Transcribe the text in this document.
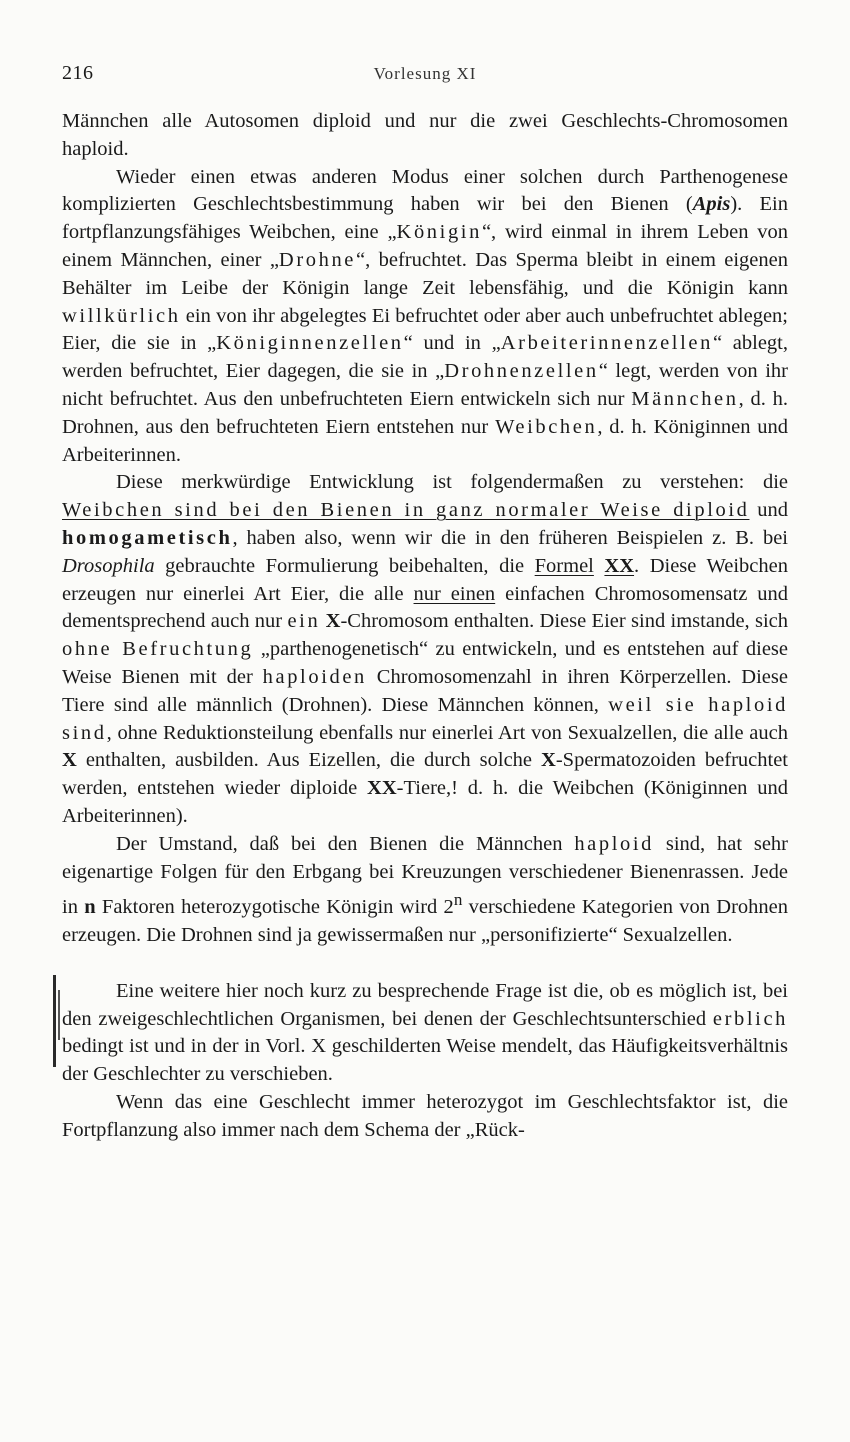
216	Vorlesung XI

Männchen alle Autosomen diploid und nur die zwei Geschlechts-Chromosomen haploid.

Wieder einen etwas anderen Modus einer solchen durch Parthenogenese komplizierten Geschlechtsbestimmung haben wir bei den Bienen (Apis). Ein fortpflanzungsfähiges Weibchen, eine „Königin“, wird einmal in ihrem Leben von einem Männchen, einer „Drohne“, befruchtet. Das Sperma bleibt in einem eigenen Behälter im Leibe der Königin lange Zeit lebensfähig, und die Königin kann willkürlich ein von ihr abgelegtes Ei befruchtet oder aber auch unbefruchtet ablegen; Eier, die sie in „Königinnenzellen“ und in „Arbeiterinnenzellen“ ablegt, werden befruchtet, Eier dagegen, die sie in „Drohnenzellen“ legt, werden von ihr nicht befruchtet. Aus den unbefruchteten Eiern entwickeln sich nur Männchen, d. h. Drohnen, aus den befruchteten Eiern entstehen nur Weibchen, d. h. Königinnen und Arbeiterinnen.

Diese merkwürdige Entwicklung ist folgendermaßen zu verstehen: die Weibchen sind bei den Bienen in ganz normaler Weise diploid und homogametisch, haben also, wenn wir die in den früheren Beispielen z. B. bei Drosophila gebrauchte Formulierung beibehalten, die Formel XX. Diese Weibchen erzeugen nur einerlei Art Eier, die alle nur einen einfachen Chromosomensatz und dementsprechend auch nur ein X-Chromosom enthalten. Diese Eier sind imstande, sich ohne Befruchtung „parthenogenetisch“ zu entwickeln, und es entstehen auf diese Weise Bienen mit der haploiden Chromosomenzahl in ihren Körperzellen. Diese Tiere sind alle männlich (Drohnen). Diese Männchen können, weil sie haploid sind, ohne Reduktionsteilung ebenfalls nur einerlei Art von Sexualzellen, die alle auch X enthalten, ausbilden. Aus Eizellen, die durch solche X-Spermatozoiden befruchtet werden, entstehen wieder diploide XX-Tiere,! d. h. die Weibchen (Königinnen und Arbeiterinnen).

Der Umstand, daß bei den Bienen die Männchen haploid sind, hat sehr eigenartige Folgen für den Erbgang bei Kreuzungen verschiedener Bienenrassen. Jede in n Faktoren heterozygotische Königin wird 2$^n$ verschiedene Kategorien von Drohnen erzeugen. Die Drohnen sind ja gewissermaßen nur „personifizierte“ Sexualzellen.

Eine weitere hier noch kurz zu besprechende Frage ist die, ob es möglich ist, bei den zweigeschlechtlichen Organismen, bei denen der Geschlechtsunterschied erblich bedingt ist und in der in Vorl. X geschilderten Weise mendelt, das Häufigkeitsverhältnis der Geschlechter zu verschieben.

Wenn das eine Geschlecht immer heterozygot im Geschlechtsfaktor ist, die Fortpflanzung also immer nach dem Schema der „Rück-
